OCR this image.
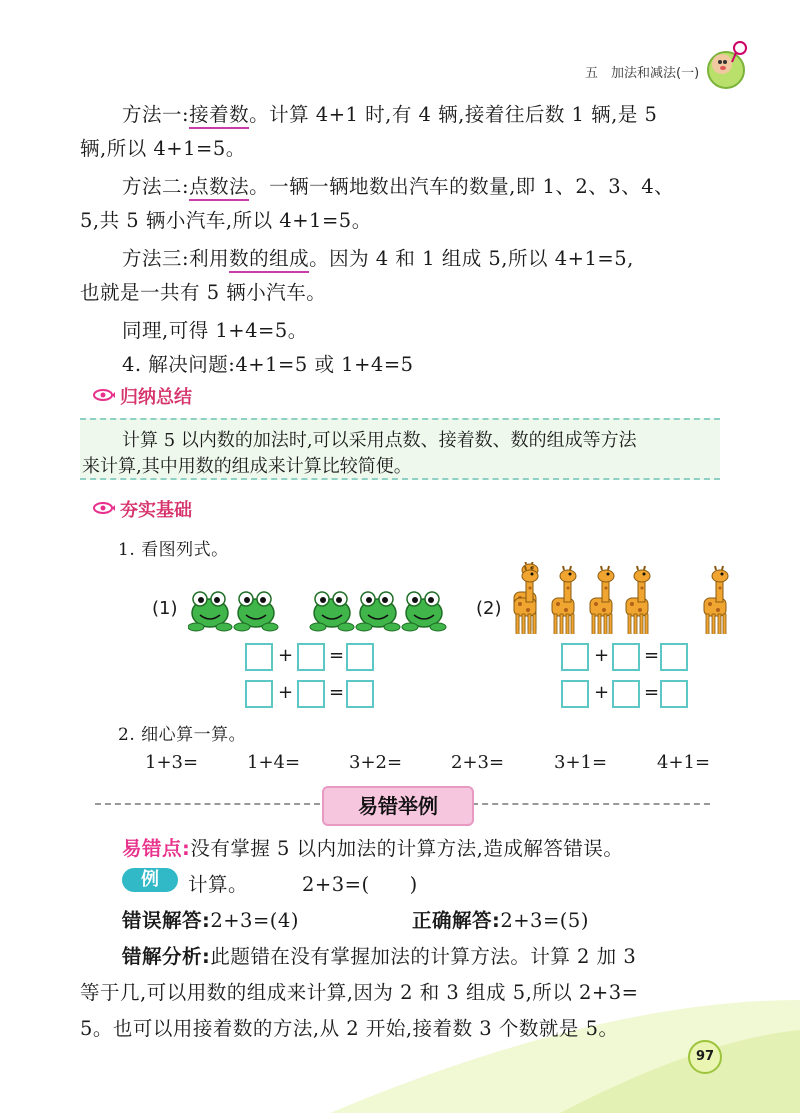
五　加法和减法(一)
方法一:接着数。计算 4+1 时,有 4 辆,接着往后数 1 辆,是 5
辆,所以 4+1=5。
方法二:点数法。一辆一辆地数出汽车的数量,即 1、2、3、4、
5,共 5 辆小汽车,所以 4+1=5。
方法三:利用数的组成。因为 4 和 1 组成 5,所以 4+1=5,
也就是一共有 5 辆小汽车。
同理,可得 1+4=5。
4. 解决问题:4+1=5 或 1+4=5
归纳总结
计算 5 以内数的加法时,可以采用点数、接着数、数的组成等方法
来计算,其中用数的组成来计算比较简便。
夯实基础
1. 看图列式。
(1)	(2)
+ =
+ =
+ =
+ =
2. 细心算一算。
1+3=	1+4=	3+2=	2+3=	3+1=	4+1=
易错举例
易错点:没有掌握 5 以内加法的计算方法,造成解答错误。
例	计算。	2+3=(　　)
错误解答:2+3=(4)	正确解答:2+3=(5)
错解分析:此题错在没有掌握加法的计算方法。计算 2 加 3
等于几,可以用数的组成来计算,因为 2 和 3 组成 5,所以 2+3=
5。也可以用接着数的方法,从 2 开始,接着数 3 个数就是 5。
97
